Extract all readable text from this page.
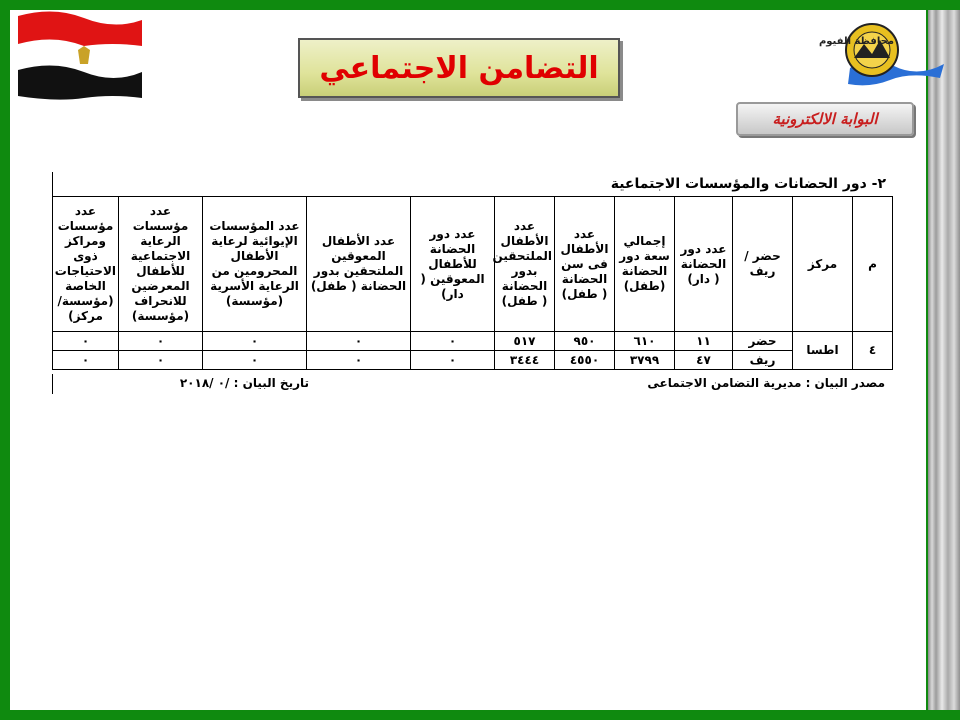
التضامن الاجتماعي
محافظة الفيوم
البوابة الالكترونية
٢- دور الحضانات والمؤسسات الاجتماعية
م	مركز	حضر /ريف	عدد دور الحضانة ( دار)	إجمالي سعة دور الحضانة (طفل)	عدد الأطفال فى سن الحضانة ( طفل)	عدد الأطفال الملتحقين بدور الحضانة ( طفل)	عدد دور الحضانة للأطفال المعوقين ( دار)	عدد الأطفال المعوقين الملتحقين بدور الحضانة ( طفل)	عدد المؤسسات الإيوائية لرعاية الأطفال المحرومين من الرعاية الأسرية (مؤسسة)	عدد مؤسسات الرعاية الاجتماعية للأطفال المعرضين للانحراف (مؤسسة)	عدد مؤسسات ومراكز ذوى الاحتياجات الخاصة (مؤسسة/مركز)
٤	اطسا	حضر	١١	٦١٠	٩٥٠	٥١٧	٠	٠	٠	٠	٠
		ريف	٤٧	٣٧٩٩	٤٥٥٠	٣٤٤٤	٠	٠	٠	٠	٠
مصدر البيان : مديرية التضامن الاجتماعى
تاريخ البيان : /٠ /٢٠١٨
